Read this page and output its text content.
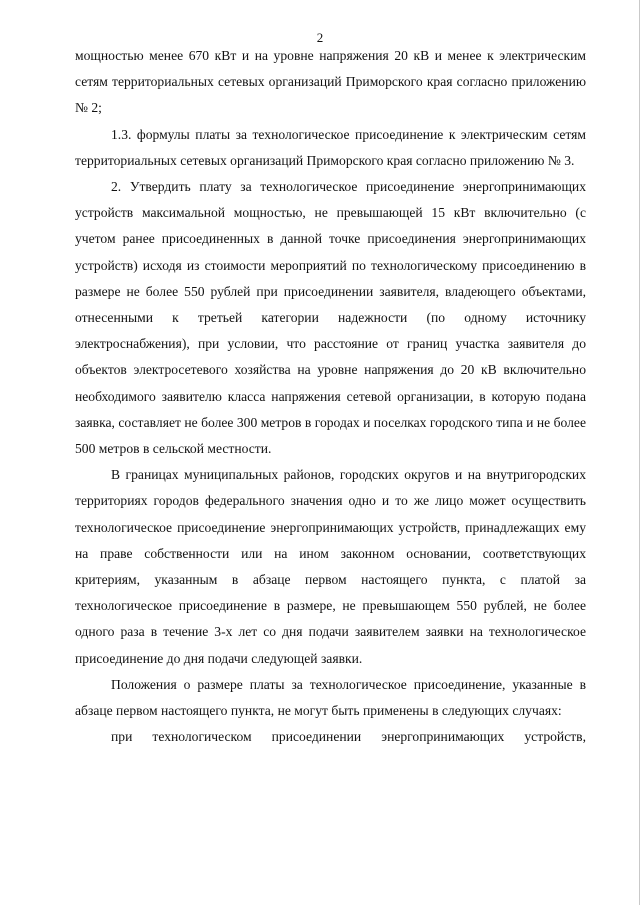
2

мощностью менее 670 кВт и на уровне напряжения 20 кВ и менее к электрическим сетям территориальных сетевых организаций Приморского края согласно приложению № 2;

1.3. формулы платы за технологическое присоединение к электрическим сетям территориальных сетевых организаций Приморского края согласно приложению № 3.

2. Утвердить плату за технологическое присоединение энергопринимающих устройств максимальной мощностью, не превышающей 15 кВт включительно (с учетом ранее присоединенных в данной точке присоединения энергопринимающих устройств) исходя из стоимости мероприятий по технологическому присоединению в размере не более 550 рублей при присоединении заявителя, владеющего объектами, отнесенными к третьей категории надежности (по одному источнику электроснабжения), при условии, что расстояние от границ участка заявителя до объектов электросетевого хозяйства на уровне напряжения до 20 кВ включительно необходимого заявителю класса напряжения сетевой организации, в которую подана заявка, составляет не более 300 метров в городах и поселках городского типа и не более 500 метров в сельской местности.

В границах муниципальных районов, городских округов и на внутригородских территориях городов федерального значения одно и то же лицо может осуществить технологическое присоединение энергопринимающих устройств, принадлежащих ему на праве собственности или на ином законном основании, соответствующих критериям, указанным в абзаце первом настоящего пункта, с платой за технологическое присоединение в размере, не превышающем 550 рублей, не более одного раза в течение 3-х лет со дня подачи заявителем заявки на технологическое присоединение до дня подачи следующей заявки.

Положения о размере платы за технологическое присоединение, указанные в абзаце первом настоящего пункта, не могут быть применены в следующих случаях:

при технологическом присоединении энергопринимающих устройств,
